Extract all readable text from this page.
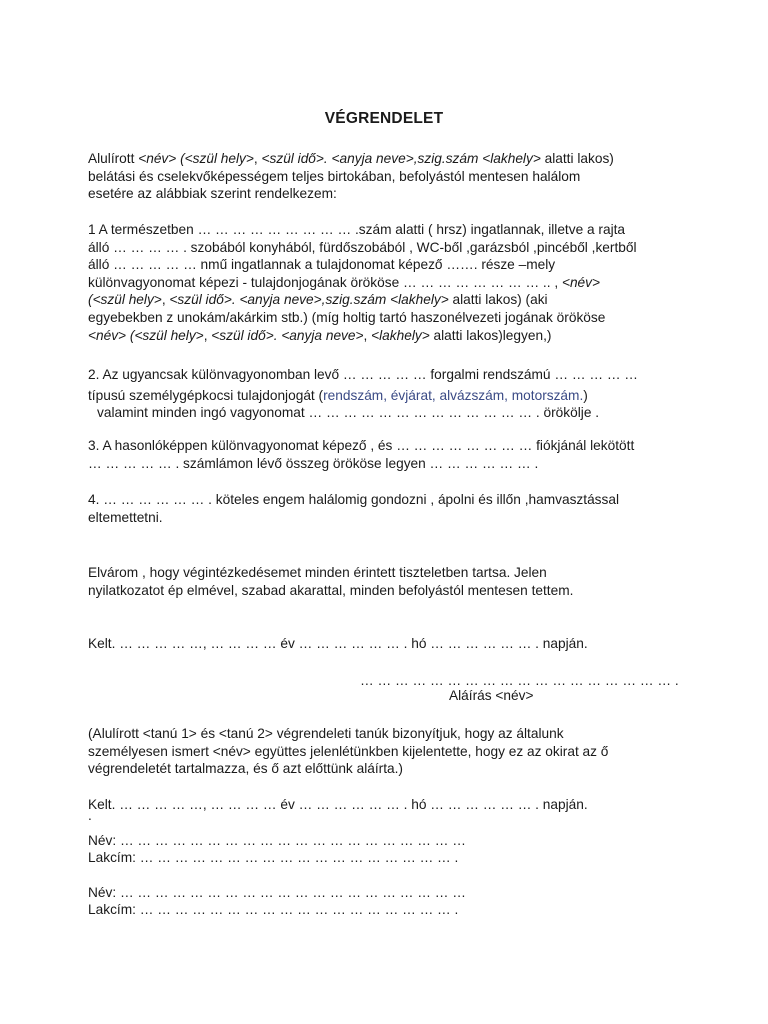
VÉGRENDELET
Alulírott <név> (<szül hely>, <szül idő>. <anyja neve>,szig.szám <lakhely> alatti lakos)
belátási és cselekvőképességem teljes birtokában, befolyástól mentesen halálom
esetére az alábbiak szerint rendelkezem:
1 A természetben … … … … … … … … … .szám alatti ( hrsz) ingatlannak, illetve a rajta
álló … … … … . szobából konyhából, fürdőszobából , WC-ből ,garázsból ,pincéből ,kertből
álló … … … … … nmű ingatlannak a tulajdonomat képező ……. része –mely
különvagyonomat képezi - tulajdonjogának örököse … … … … … … … … .. , <név>
(<szül hely>, <szül idő>. <anyja neve>,szig.szám <lakhely> alatti lakos) (aki
egyebekben z unokám/akárkim stb.) (míg holtig tartó haszonélvezeti jogának örököse
<név> (<szül hely>, <szül idő>. <anyja neve>, <lakhely> alatti lakos)legyen,)
2. Az ugyancsak különvagyonomban levő … … … … … forgalmi rendszámú … … … … …
típusú személygépkocsi tulajdonjogát (rendszám, évjárat, alvázszám, motorszám.)
valamint minden ingó vagyonomat … … … … … … … … … … … … … . örökölje .
3. A hasonlóképpen különvagyonomat képező , és … … … … … … … … fiókjánál lekötött
… … … … … . számlámon lévő összeg örököse legyen … … … … … … .
4. … … … … … … . köteles engem halálomig gondozni , ápolni és illőn ,hamvasztással
eltemettetni.
Elvárom , hogy végintézkedésemet minden érintett tiszteletben tartsa. Jelen
nyilatkozatot ép elmével, szabad akarattal, minden befolyástól mentesen tettem.
Kelt. … … … … …, … … … … év … … … … … … . hó … … … … … … . napján.
… … … … … … … … … … … … … … … … … … .
Aláírás <név>
(Alulírott <tanú 1> és <tanú 2> végrendeleti tanúk bizonyítjuk, hogy az általunk
személyesen ismert <név> együttes jelenlétünkben kijelentette, hogy ez az okirat az ő
végrendeletét tartalmazza, és ő azt előttünk aláírta.)
Kelt. … … … … …, … … … … év … … … … … … . hó … … … … … … . napján.
.
Név: … … … … … … … … … … … … … … … … … … … …
Lakcím: … … … … … … … … … … … … … … … … … … .
Név: … … … … … … … … … … … … … … … … … … … …
Lakcím: … … … … … … … … … … … … … … … … … … .
